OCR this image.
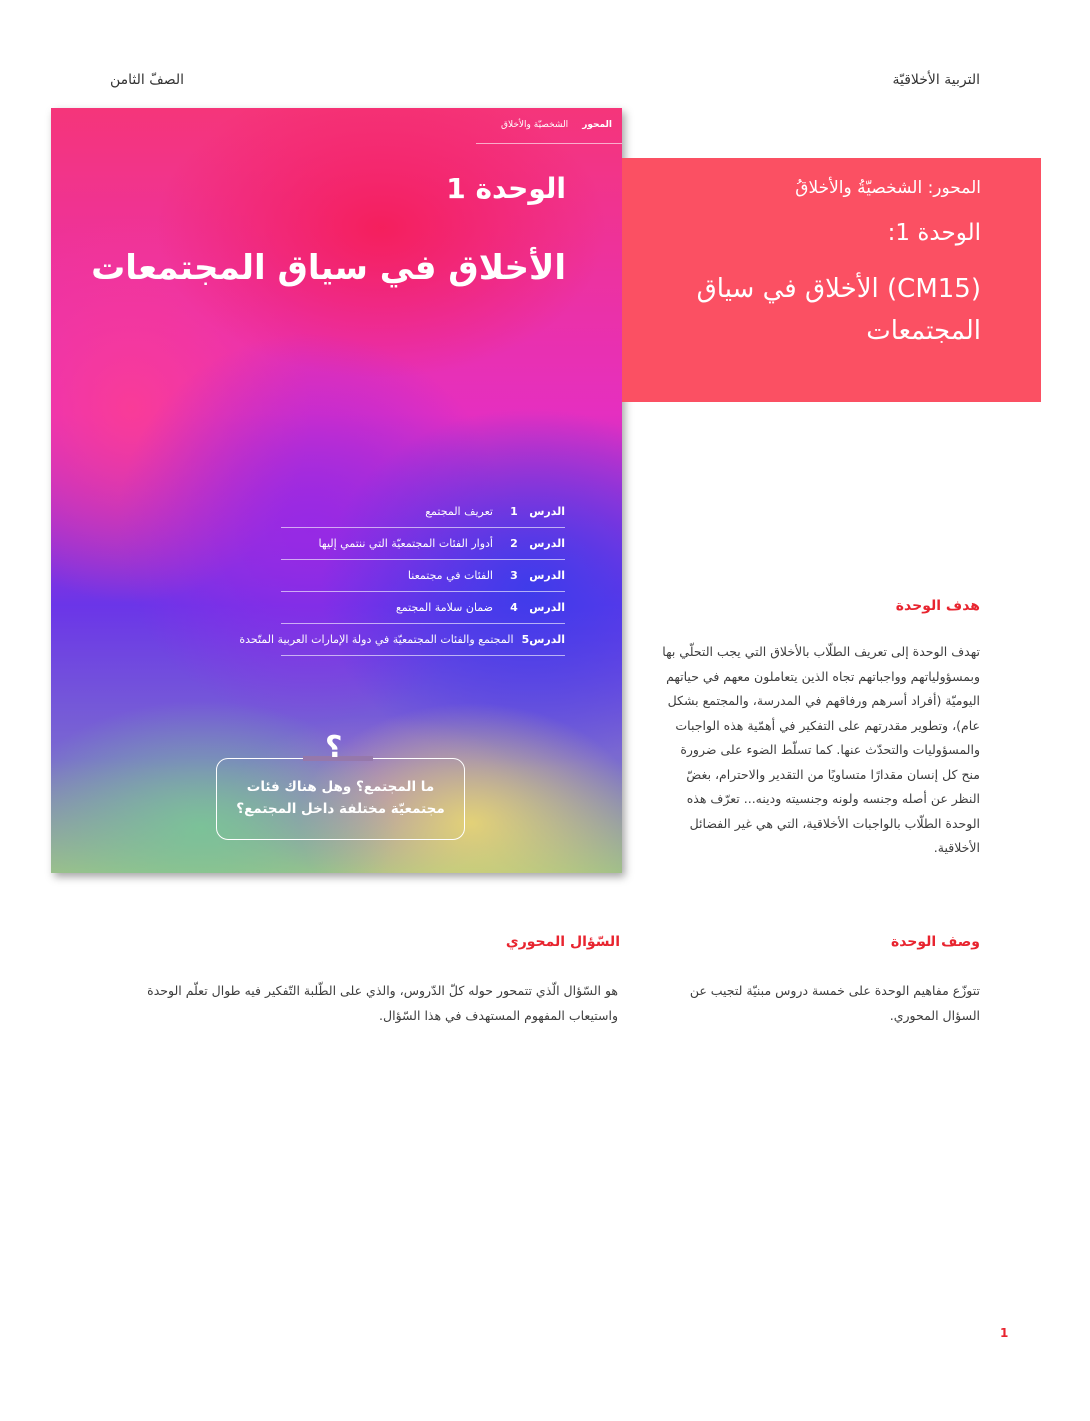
التربية الأخلاقيّة
الصفّ الثامن
المحور
الشخصيّة والأخلاق
الوحدة 1
الأخلاق في سياق المجتمعات
الدرس
1
تعريف المجتمع
الدرس
2
أدوار الفئات المجتمعيّة التي ننتمي إليها
الدرس
3
الفئات في مجتمعنا
الدرس
4
ضمان سلامة المجتمع
الدرس
5
المجتمع والفئات المجتمعيّة في دولة الإمارات العربية المتّحدة
ما المجتمع؟ وهل هناك فئات مجتمعيّة مختلفة داخل المجتمع؟
؟
المحور: الشخصيّةُ والأخلاقُ
الوحدة 1:
(CM15) الأخلاق في سياق المجتمعات
هدف الوحدة
تهدف الوحدة إلى تعريف الطلّاب بالأخلاق التي يجب التحلّي بها وبمسؤولياتهم وواجباتهم تجاه الذين يتعاملون معهم في حياتهم اليوميّة (أفراد أسرهم ورفاقهم في المدرسة، والمجتمع بشكل عام)، وتطوير مقدرتهم على التفكير في أهمّية هذه الواجبات والمسؤوليات والتحدّث عنها. كما تسلّط الضوء على ضرورة منح كل إنسان مقدارًا متساويًا من التقدير والاحترام، بغضّ النظر عن أصله وجنسه ولونه وجنسيته ودينه... تعرّف هذه الوحدة الطلّاب بالواجبات الأخلاقية، التي هي غير الفضائل الأخلاقية.
وصف الوحدة
تتوزّع مفاهيم الوحدة على خمسة دروس مبنيّة لتجيب عن السؤال المحوري.
السّؤال المحوري
هو السّؤال الّذي تتمحور حوله كلّ الدّروس، والذي على الطّلبة التّفكير فيه طوال تعلّم الوحدة واستيعاب المفهوم المستهدف في هذا السّؤال.
1
